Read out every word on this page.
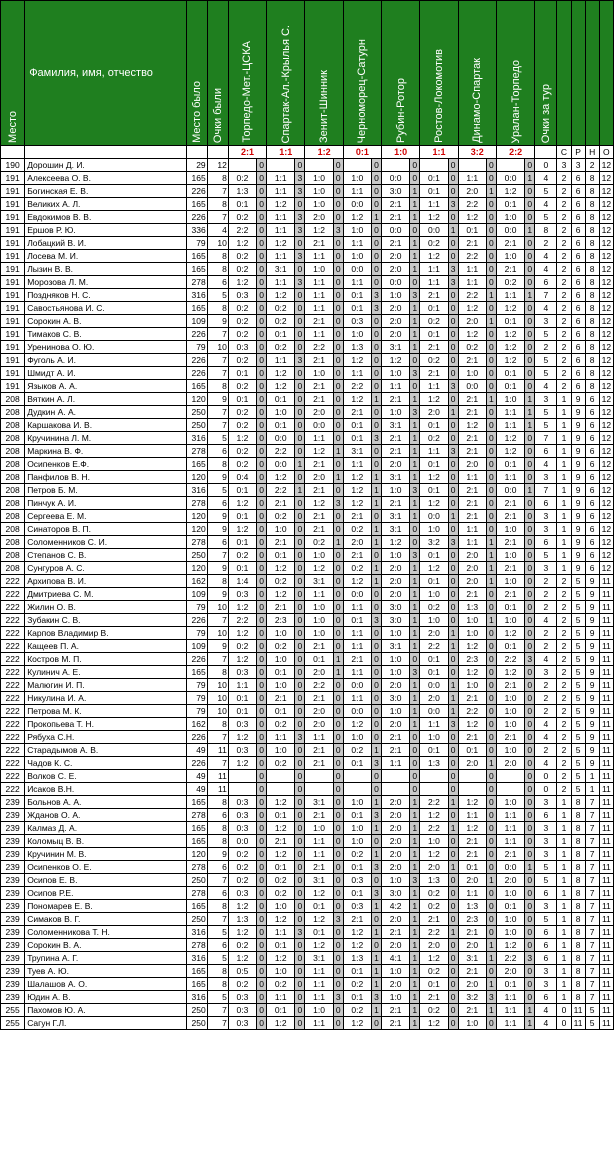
Место	Фамилия, имя, отчество	Место было	Очки были	Торпедо-Мет.-ЦСКА		Спартак-Ал.-Крылья С.		Зенит-Шинник		Черноморец-Сатурн		Рубин-Ротор		Ростов-Локомотив		Динамо-Спартак		Уралан-Торпедо		Очки за тур				

				2:1		1:1		1:2		0:1		1:0		1:1		3:2		2:2			С	Р	Н	О
190	Дорошин Д. И.	29	12		0		0		0		0		0		0		0		0	0	3	3	2	12
191	Алексеева О. В.	165	8	0:2	0	1:1	3	1:0	0	1:0	0	0:0	0	0:1	0	1:1	0	0:0	1	4	2	6	8	12
191	Богинская Е. В.	226	7	1:3	0	1:1	3	1:0	0	1:1	0	3:0	1	0:1	0	2:0	1	1:2	0	5	2	6	8	12
191	Великих А. Л.	165	8	0:1	0	1:2	0	1:0	0	0:0	0	2:1	1	1:1	3	2:2	0	0:1	0	4	2	6	8	12
191	Евдокимов В. В.	226	7	0:2	0	1:1	3	2:0	0	1:2	1	2:1	1	1:2	0	1:2	0	1:0	0	5	2	6	8	12
191	Ершов Р. Ю.	336	4	2:2	0	1:1	3	1:2	3	1:0	0	0:0	0	0:0	1	0:1	0	0:0	1	8	2	6	8	12
191	Лобацкий В. И.	79	10	1:2	0	1:2	0	2:1	0	1:1	0	2:1	1	0:2	0	2:1	0	2:1	0	2	2	6	8	12
191	Лосева М. И.	165	8	0:2	0	1:1	3	1:1	0	1:0	0	2:0	1	1:2	0	2:2	0	1:0	0	4	2	6	8	12
191	Лызин В. В.	165	8	0:2	0	3:1	0	1:0	0	0:0	0	2:0	1	1:1	3	1:1	0	2:1	0	4	2	6	8	12
191	Морозова Л. М.	278	6	1:2	0	1:1	3	1:1	0	1:1	0	0:0	0	1:1	3	1:1	0	0:2	0	6	2	6	8	12
191	Поздняков Н. С.	316	5	0:3	0	1:2	0	1:1	0	0:1	3	1:0	3	2:1	0	2:2	1	1:1	1	7	2	6	8	12
191	Савостьянова И. С.	165	8	0:2	0	0:2	0	1:1	0	0:1	3	2:0	1	0:1	0	1:2	0	1:2	0	4	2	6	8	12
191	Сорокин А. В.	109	9	0:2	0	0:2	0	2:1	0	0:3	0	2:0	1	0:2	0	2:0	1	0:1	0	3	2	6	8	12
191	Тимаков С. В.	226	7	0:2	0	0:1	0	1:1	0	1:0	0	2:0	1	0:1	0	1:2	0	1:2	0	5	2	6	8	12
191	Уренинова О. Ю.	79	10	0:3	0	0:2	0	2:2	0	1:3	0	3:1	1	2:1	0	0:2	0	1:2	0	2	2	6	8	12
191	Фуголь А. И.	226	7	0:2	0	1:1	3	2:1	0	1:2	0	1:2	0	0:2	0	2:1	0	1:2	0	5	2	6	8	12
191	Шмидт А. И.	226	7	0:1	0	1:2	0	1:0	0	1:1	0	1:0	3	2:1	0	1:0	0	0:1	0	5	2	6	8	12
191	Языков А. А.	165	8	0:2	0	1:2	0	2:1	0	2:2	0	1:1	0	1:1	3	0:0	0	0:1	0	4	2	6	8	12
208	Вяткин А. Л.	120	9	0:1	0	0:1	0	2:1	0	1:2	1	2:1	1	1:2	0	2:1	1	1:0	1	3	1	9	6	12
208	Дудкин А. А.	250	7	0:2	0	1:0	0	2:0	0	2:1	0	1:0	3	2:0	1	2:1	0	1:1	1	5	1	9	6	12
208	Каршакова И. В.	250	7	0:2	0	0:1	0	0:0	0	0:1	0	3:1	1	0:1	0	1:2	0	1:1	1	5	1	9	6	12
208	Кручинина Л. М.	316	5	1:2	0	0:0	0	1:1	0	0:1	3	2:1	1	0:2	0	2:1	0	1:2	0	7	1	9	6	12
208	Маркина В. Ф.	278	6	0:2	0	2:2	0	1:2	1	3:1	0	2:1	1	1:1	3	2:1	0	1:2	0	6	1	9	6	12
208	Осипенков Е.Ф.	165	8	0:2	0	0:0	1	2:1	0	1:1	0	2:0	1	0:1	0	2:0	0	0:1	0	4	1	9	6	12
208	Панфилов В. Н.	120	9	0:4	0	1:2	0	2:0	1	1:2	1	3:1	1	1:2	0	1:1	0	1:1	0	3	1	9	6	12
208	Петров Б. М.	316	5	0:1	0	2:2	1	2:1	0	1:2	1	1:0	3	0:1	0	2:1	0	0:0	1	7	1	9	6	12
208	Пинчук А. И.	278	6	1:2	0	2:1	0	1:2	3	1:2	1	2:1	1	1:2	0	2:1	0	2:1	0	6	1	9	6	12
208	Сергеева Е. М.	120	9	0:1	0	0:2	0	2:1	0	2:1	0	3:1	1	0:0	1	2:1	0	2:1	0	3	1	9	6	12
208	Синаторов В. П.	120	9	1:2	0	1:0	0	2:1	0	0:2	1	3:1	0	1:0	0	1:1	0	1:0	0	3	1	9	6	12
208	Соломенников С. И.	278	6	0:1	0	2:1	0	0:2	1	2:0	1	1:2	0	3:2	3	1:1	1	2:1	0	6	1	9	6	12
208	Степанов С. В.	250	7	0:2	0	0:1	0	1:0	0	2:1	0	1:0	3	0:1	0	2:0	1	1:0	0	5	1	9	6	12
208	Сунгуров А. С.	120	9	0:1	0	1:2	0	1:2	0	0:2	1	2:0	1	1:2	0	2:0	1	2:1	0	3	1	9	6	12
222	Архипова В. И.	162	8	1:4	0	0:2	0	3:1	0	1:2	1	2:0	1	0:1	0	2:0	1	1:0	0	2	2	5	9	11
222	Дмитриева С. М.	109	9	0:3	0	1:2	0	1:1	0	0:0	0	2:0	1	1:0	0	2:1	0	2:1	0	2	2	5	9	11
222	Жилин О. В.	79	10	1:2	0	2:1	0	1:0	0	1:1	0	3:0	1	0:2	0	1:3	0	0:1	0	2	2	5	9	11
222	Зубакин С. В.	226	7	2:2	0	2:3	0	1:0	0	0:1	3	3:0	1	1:0	0	1:0	1	1:0	0	4	2	5	9	11
222	Карпов Владимир В.	79	10	1:2	0	1:0	0	1:0	0	1:1	0	1:0	1	2:0	1	1:0	0	1:2	0	2	2	5	9	11
222	Кащеев П. А.	109	9	0:2	0	0:2	0	2:1	0	1:1	0	3:1	1	2:2	1	1:2	0	0:1	0	2	2	5	9	11
222	Костров М. П.	226	7	1:2	0	1:0	0	0:1	1	2:1	0	1:0	0	0:1	0	2:3	0	2:2	3	4	2	5	9	11
222	Кулинич А. Е.	165	8	0:3	0	0:1	0	2:0	1	1:1	0	1:0	3	0:1	0	1:2	0	1:2	0	3	2	5	9	11
222	Малюгин И. П.	79	10	1:1	0	1:0	0	2:2	0	0:0	0	2:0	1	0:0	1	1:0	0	2:1	0	2	2	5	9	11
222	Никулина И. А.	79	10	0:1	0	2:1	0	2:1	0	1:1	0	3:0	1	2:0	1	2:1	0	1:0	0	2	2	5	9	11
222	Петрова М. К.	79	10	0:1	0	0:1	0	2:0	0	0:0	0	1:0	1	0:0	1	2:2	0	1:0	0	2	2	5	9	11
222	Прокопьева Т. Н.	162	8	0:3	0	0:2	0	2:0	0	1:2	0	2:0	1	1:1	3	1:2	0	1:0	0	4	2	5	9	11
222	Рябуха С.Н.	226	7	1:2	0	1:1	3	1:1	0	1:0	0	2:1	0	1:0	0	2:1	0	2:1	0	4	2	5	9	11
222	Старадымов А. В.	49	11	0:3	0	1:0	0	2:1	0	0:2	1	2:1	0	0:1	0	0:1	0	1:0	0	2	2	5	9	11
222	Чадов К. С.	226	7	1:2	0	0:2	0	2:1	0	0:1	3	1:1	0	1:3	0	2:0	1	2:0	0	4	2	5	9	11
222	Волков С. Е.	49	11		0		0		0		0		0		0		0		0	0	2	5	1	11
222	Исаков В.Н.	49	11		0		0		0		0		0		0		0		0	0	2	5	1	11
239	Больнов А. А.	165	8	0:3	0	1:2	0	3:1	0	1:0	1	2:0	1	2:2	1	1:2	0	1:0	0	3	1	8	7	11
239	Жданов О. А.	278	6	0:3	0	0:1	0	2:1	0	0:1	3	2:0	1	1:2	0	1:1	0	1:1	0	6	1	8	7	11
239	Калмаз Д. А.	165	8	0:3	0	1:2	0	1:0	0	1:0	1	2:0	1	2:2	1	1:2	0	1:1	0	3	1	8	7	11
239	Коломыц В. В.	165	8	0:0	0	2:1	0	1:1	0	1:0	0	2:0	1	1:0	0	2:1	0	1:1	0	3	1	8	7	11
239	Кручинин М. В.	120	9	0:2	0	1:2	0	1:1	0	0:2	1	2:0	1	1:2	0	2:1	0	2:1	0	3	1	8	7	11
239	Осипенков О. Е.	278	6	0:2	0	0:1	0	2:1	0	0:1	3	2:0	1	2:0	1	0:1	0	0:0	1	5	1	8	7	11
239	Осипов Е. В.	250	7	0:2	0	0:2	0	3:1	0	0:3	0	1:0	3	1:3	0	2:0	1	2:0	0	5	1	8	7	11
239	Осипов Р.Е.	278	6	0:3	0	0:2	0	1:2	0	0:1	3	3:0	1	0:2	0	1:1	0	1:0	0	6	1	8	7	11
239	Пономарев Е. В.	165	8	1:2	0	1:0	0	0:1	0	0:3	1	4:2	1	0:2	0	1:3	0	0:1	0	3	1	8	7	11
239	Симаков В. Г.	250	7	1:3	0	1:2	0	1:2	3	2:1	0	2:0	1	2:1	0	2:3	0	1:0	0	5	1	8	7	11
239	Соломенникова Т. Н.	316	5	1:2	0	1:1	3	0:1	0	1:2	1	2:1	1	2:2	1	2:1	0	1:0	0	6	1	8	7	11
239	Сорокин В. А.	278	6	0:2	0	0:1	0	1:2	0	1:2	0	2:0	1	2:0	0	2:0	1	1:2	0	6	1	8	7	11
239	Трупина А. Г.	316	5	1:2	0	1:2	0	3:1	0	1:3	1	4:1	1	1:2	0	3:1	1	2:2	3	6	1	8	7	11
239	Туев А. Ю.	165	8	0:5	0	1:0	0	1:1	0	0:1	1	1:0	1	0:2	0	2:1	0	2:0	0	3	1	8	7	11
239	Шалашов А. О.	165	8	0:2	0	0:2	0	1:1	0	0:2	1	2:0	1	0:1	0	2:0	1	0:1	0	3	1	8	7	11
239	Юдин А. В.	316	5	0:3	0	1:1	0	1:1	3	0:1	3	1:0	1	2:1	0	3:2	3	1:1	0	6	1	8	7	11
255	Пахомов Ю. А.	250	7	0:3	0	0:1	0	1:0	0	0:2	1	2:1	1	0:2	0	2:1	1	1:1	1	4	0	11	5	11
255	Сагун Г.Л.	250	7	0:3	0	1:2	0	1:1	0	1:2	0	2:1	1	1:2	0	1:0	0	1:1	1	4	0	11	5	11
